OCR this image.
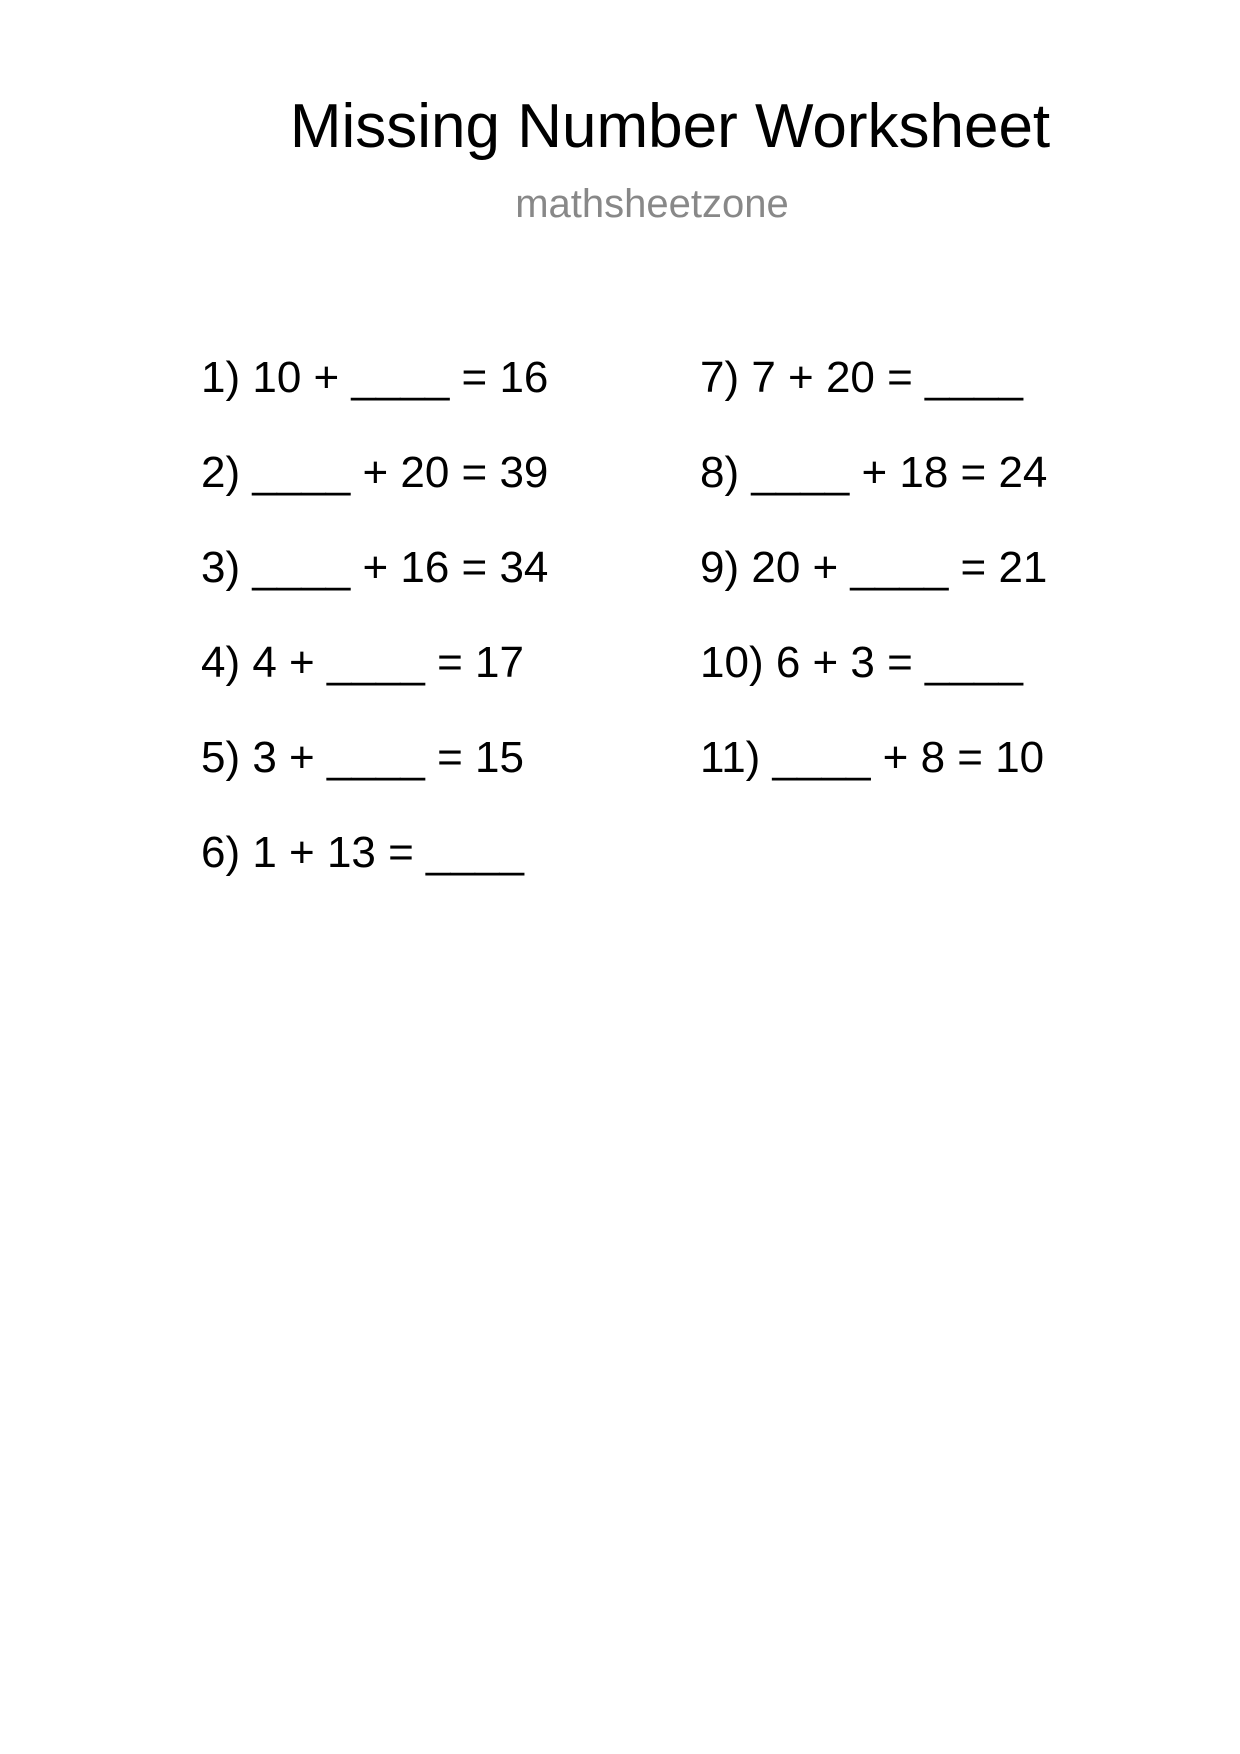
Missing Number Worksheet
mathsheetzone
1) 10 + ____ = 16
2) ____ + 20 = 39
3) ____ + 16 = 34
4) 4 + ____ = 17
5) 3 + ____ = 15
6) 1 + 13 = ____
7) 7 + 20 = ____
8) ____ + 18 = 24
9) 20 + ____ = 21
10) 6 + 3 = ____
11) ____ + 8 = 10
